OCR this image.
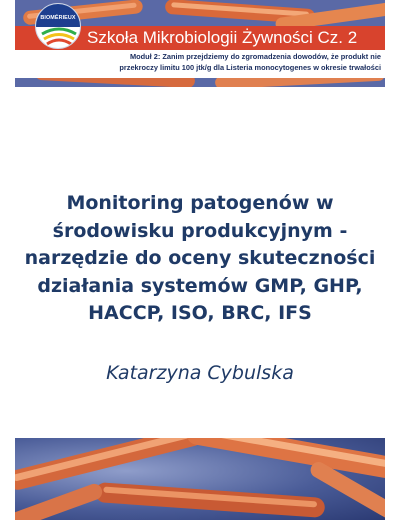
Szkoła Mikrobiologii Żywności Cz. 2
Moduł 2: Zanim przejdziemy do zgromadzenia dowodów, że produkt nie
przekroczy limitu 100 jtk/g dla Listeria monocytogenes w okresie trwałości
BIOMÉRIEUX
Monitoring patogenów w
środowisku produkcyjnym -
narzędzie do oceny skuteczności
działania systemów GMP, GHP,
HACCP, ISO, BRC, IFS
Katarzyna Cybulska
